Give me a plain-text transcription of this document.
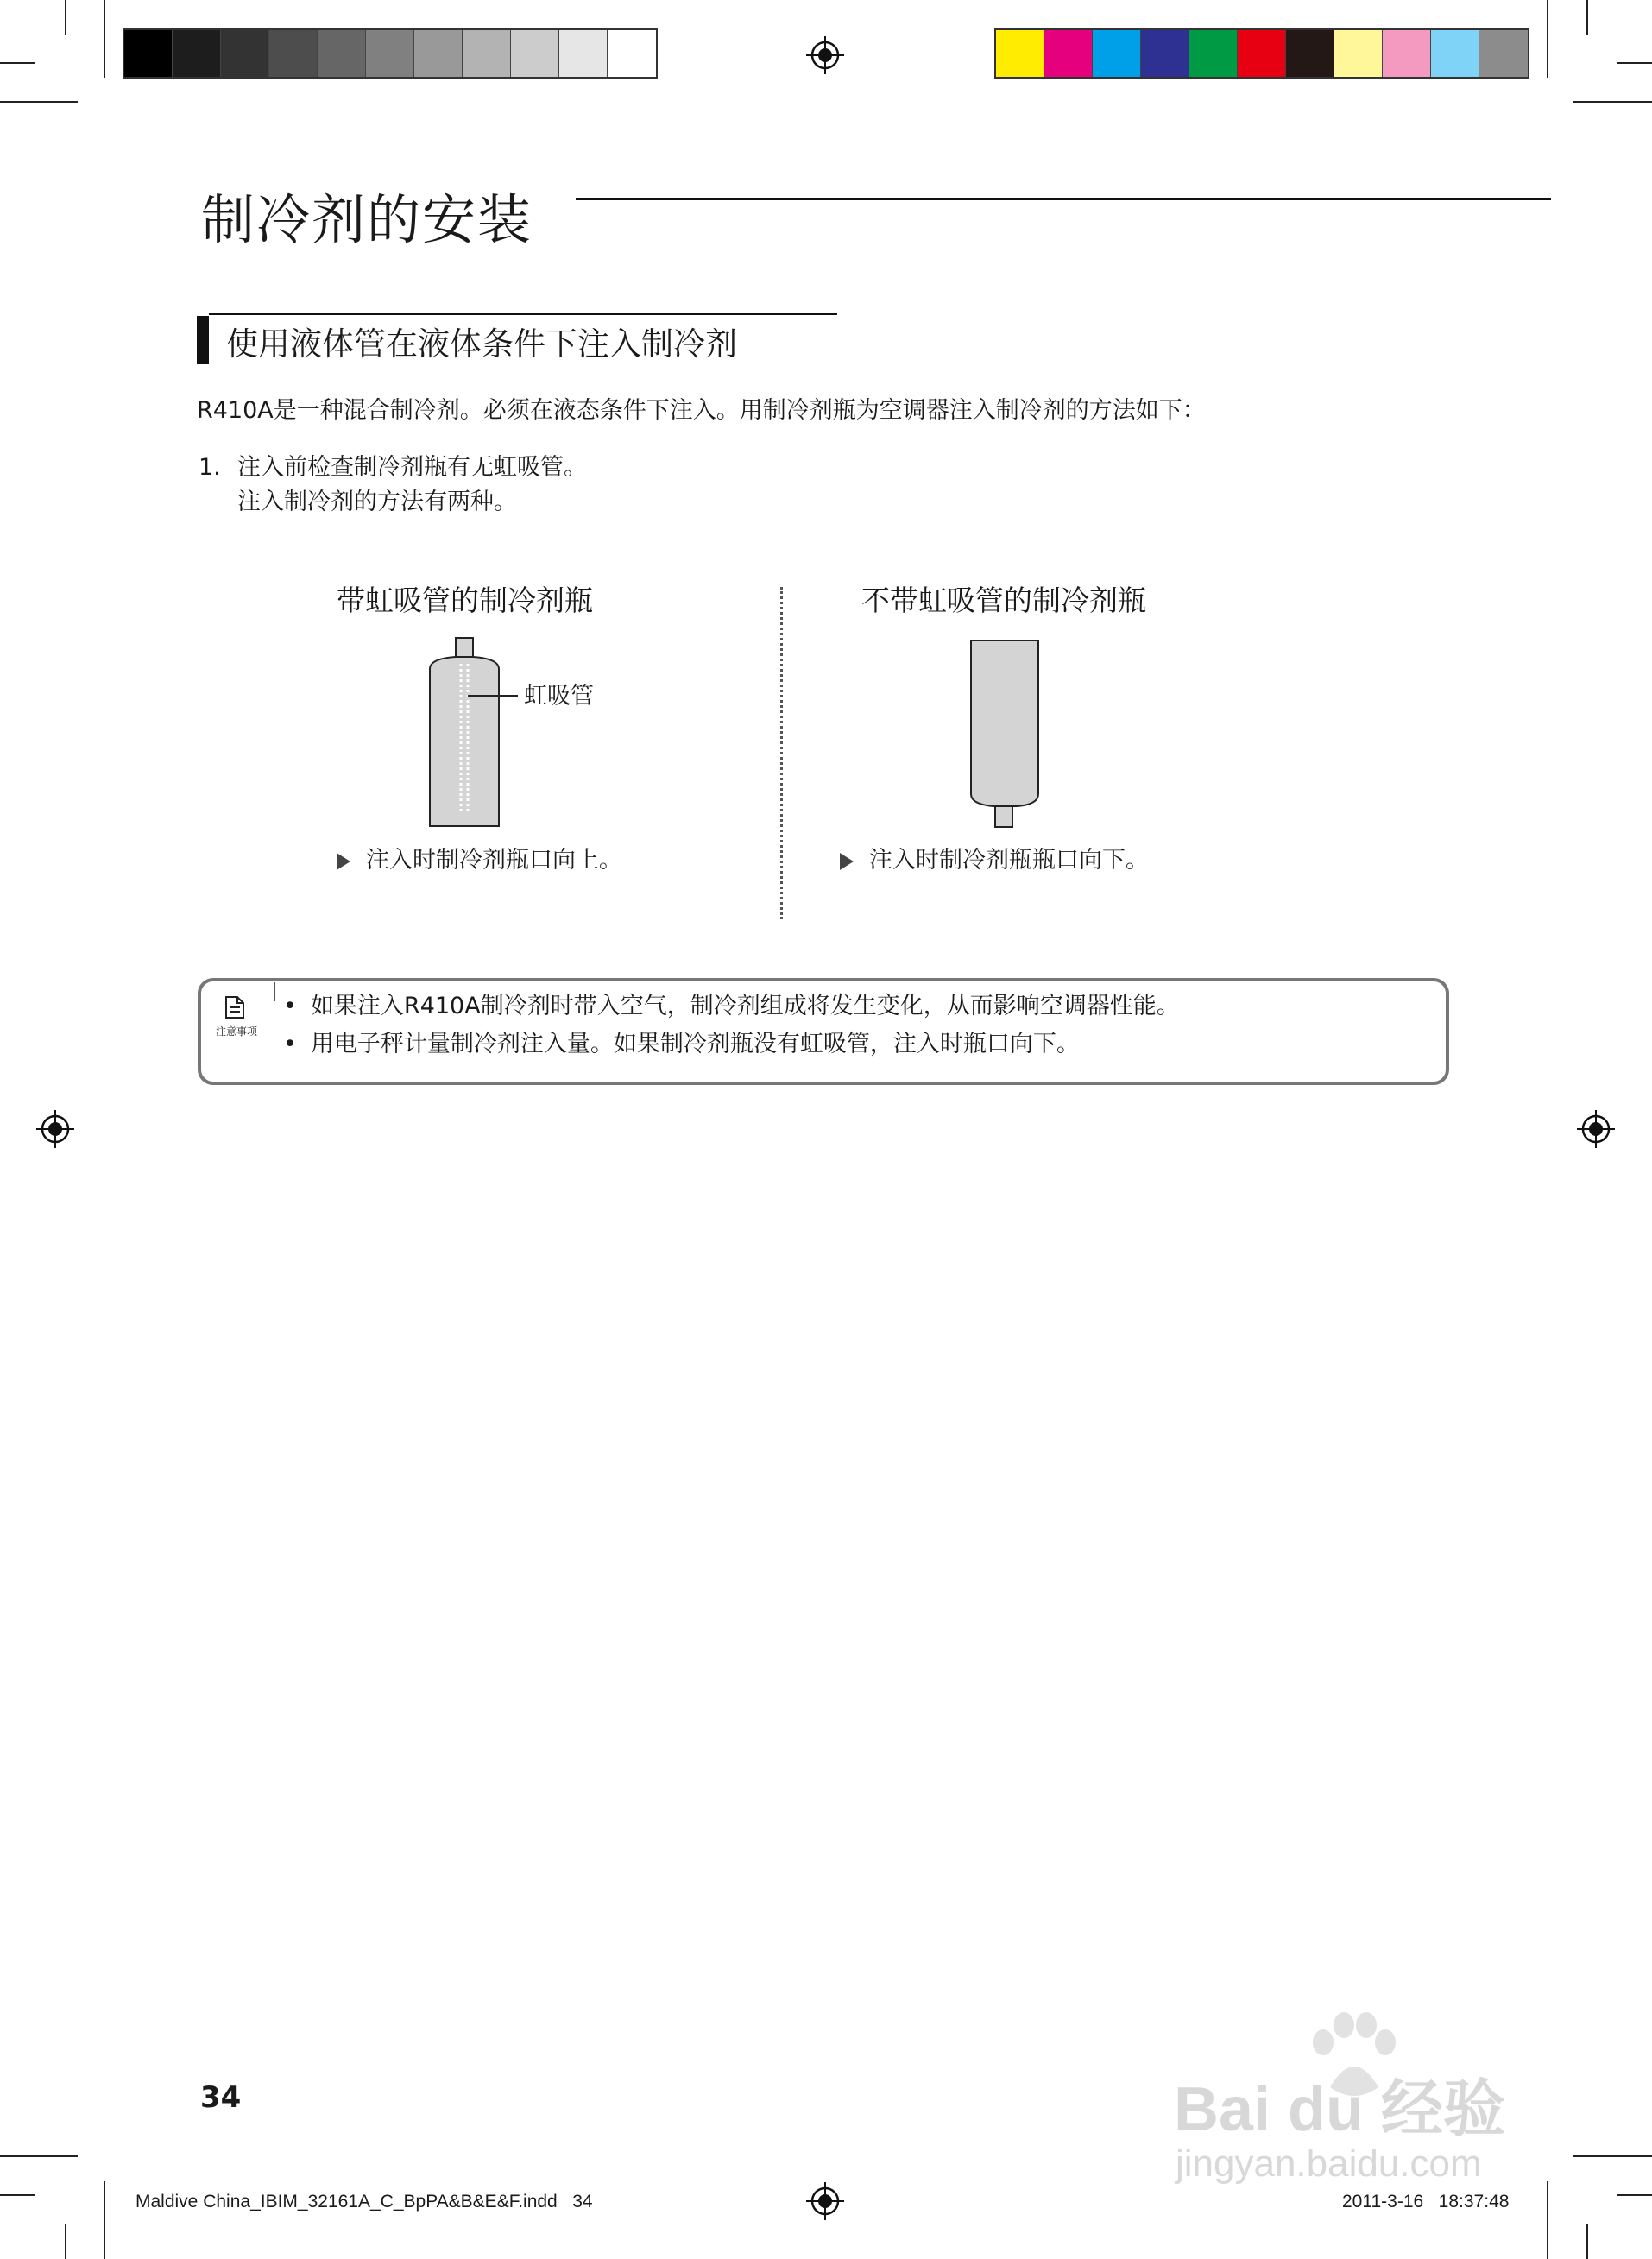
制冷剂的安装
使用液体管在液体条件下注入制冷剂
R410A是一种混合制冷剂。必须在液态条件下注入。用制冷剂瓶为空调器注入制冷剂的方法如下：
1. 注入前检查制冷剂瓶有无虹吸管。
注入制冷剂的方法有两种。
带虹吸管的制冷剂瓶	不带虹吸管的制冷剂瓶
虹吸管
注入时制冷剂瓶口向上。	注入时制冷剂瓶瓶口向下。
注意事项
• 如果注入R410A制冷剂时带入空气，制冷剂组成将发生变化，从而影响空调器性能。
• 用电子秤计量制冷剂注入量。如果制冷剂瓶没有虹吸管，注入时瓶口向下。
34
Maldive China_IBIM_32161A_C_BpPA&B&E&F.indd   34	2011-3-16   18:37:48
Bai du 经验
jingyan.baidu.com
